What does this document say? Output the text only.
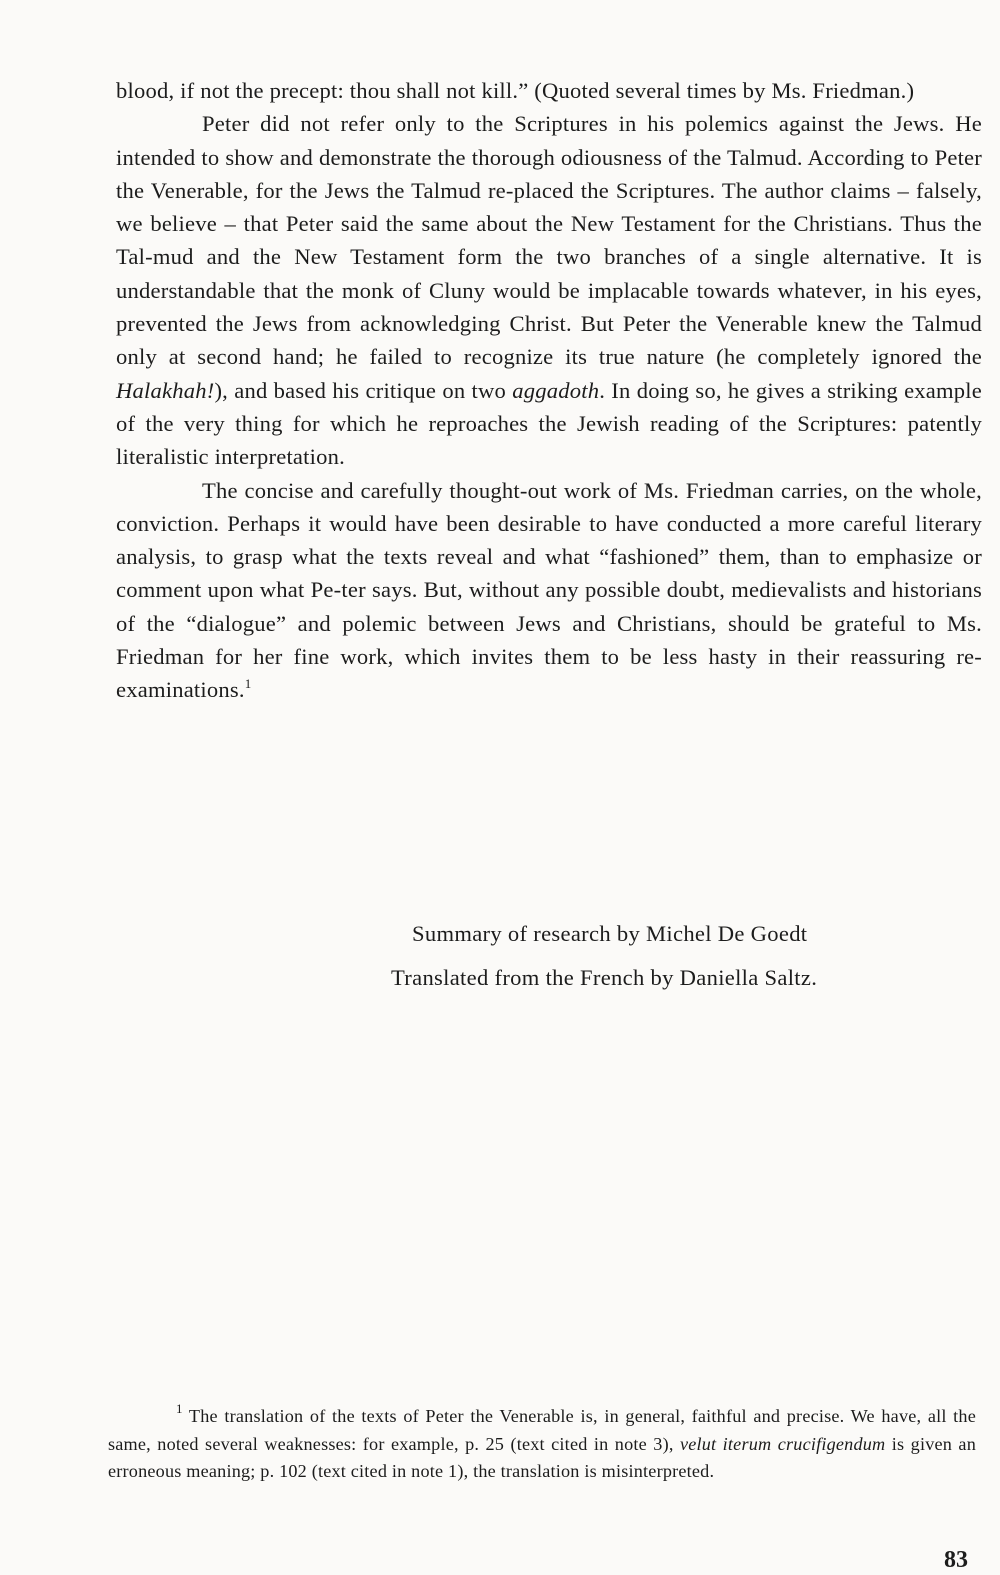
blood, if not the precept: thou shall not kill.” (Quoted several times by Ms. Friedman.)

Peter did not refer only to the Scriptures in his polemics against the Jews. He intended to show and demonstrate the thorough odiousness of the Talmud. According to Peter the Venerable, for the Jews the Talmud re-placed the Scriptures. The author claims – falsely, we believe – that Peter said the same about the New Testament for the Christians. Thus the Tal-mud and the New Testament form the two branches of a single alternative. It is understandable that the monk of Cluny would be implacable towards whatever, in his eyes, prevented the Jews from acknowledging Christ. But Peter the Venerable knew the Talmud only at second hand; he failed to recognize its true nature (he completely ignored the Halakhah!), and based his critique on two aggadoth. In doing so, he gives a striking example of the very thing for which he reproaches the Jewish reading of the Scriptures: patently literalistic interpretation.

The concise and carefully thought-out work of Ms. Friedman carries, on the whole, conviction. Perhaps it would have been desirable to have conducted a more careful literary analysis, to grasp what the texts reveal and what “fashioned” them, than to emphasize or comment upon what Pe-ter says. But, without any possible doubt, medievalists and historians of the “dialogue” and polemic between Jews and Christians, should be grateful to Ms. Friedman for her fine work, which invites them to be less hasty in their reassuring re-examinations.$^1$

Summary of research by Michel De Goedt
Translated from the French by Daniella Saltz.

$^1$ The translation of the texts of Peter the Venerable is, in general, faithful and precise. We have, all the same, noted several weaknesses: for example, p. 25 (text cited in note 3), velut iterum crucifigendum is given an erroneous meaning; p. 102 (text cited in note 1), the translation is misinterpreted.

83
